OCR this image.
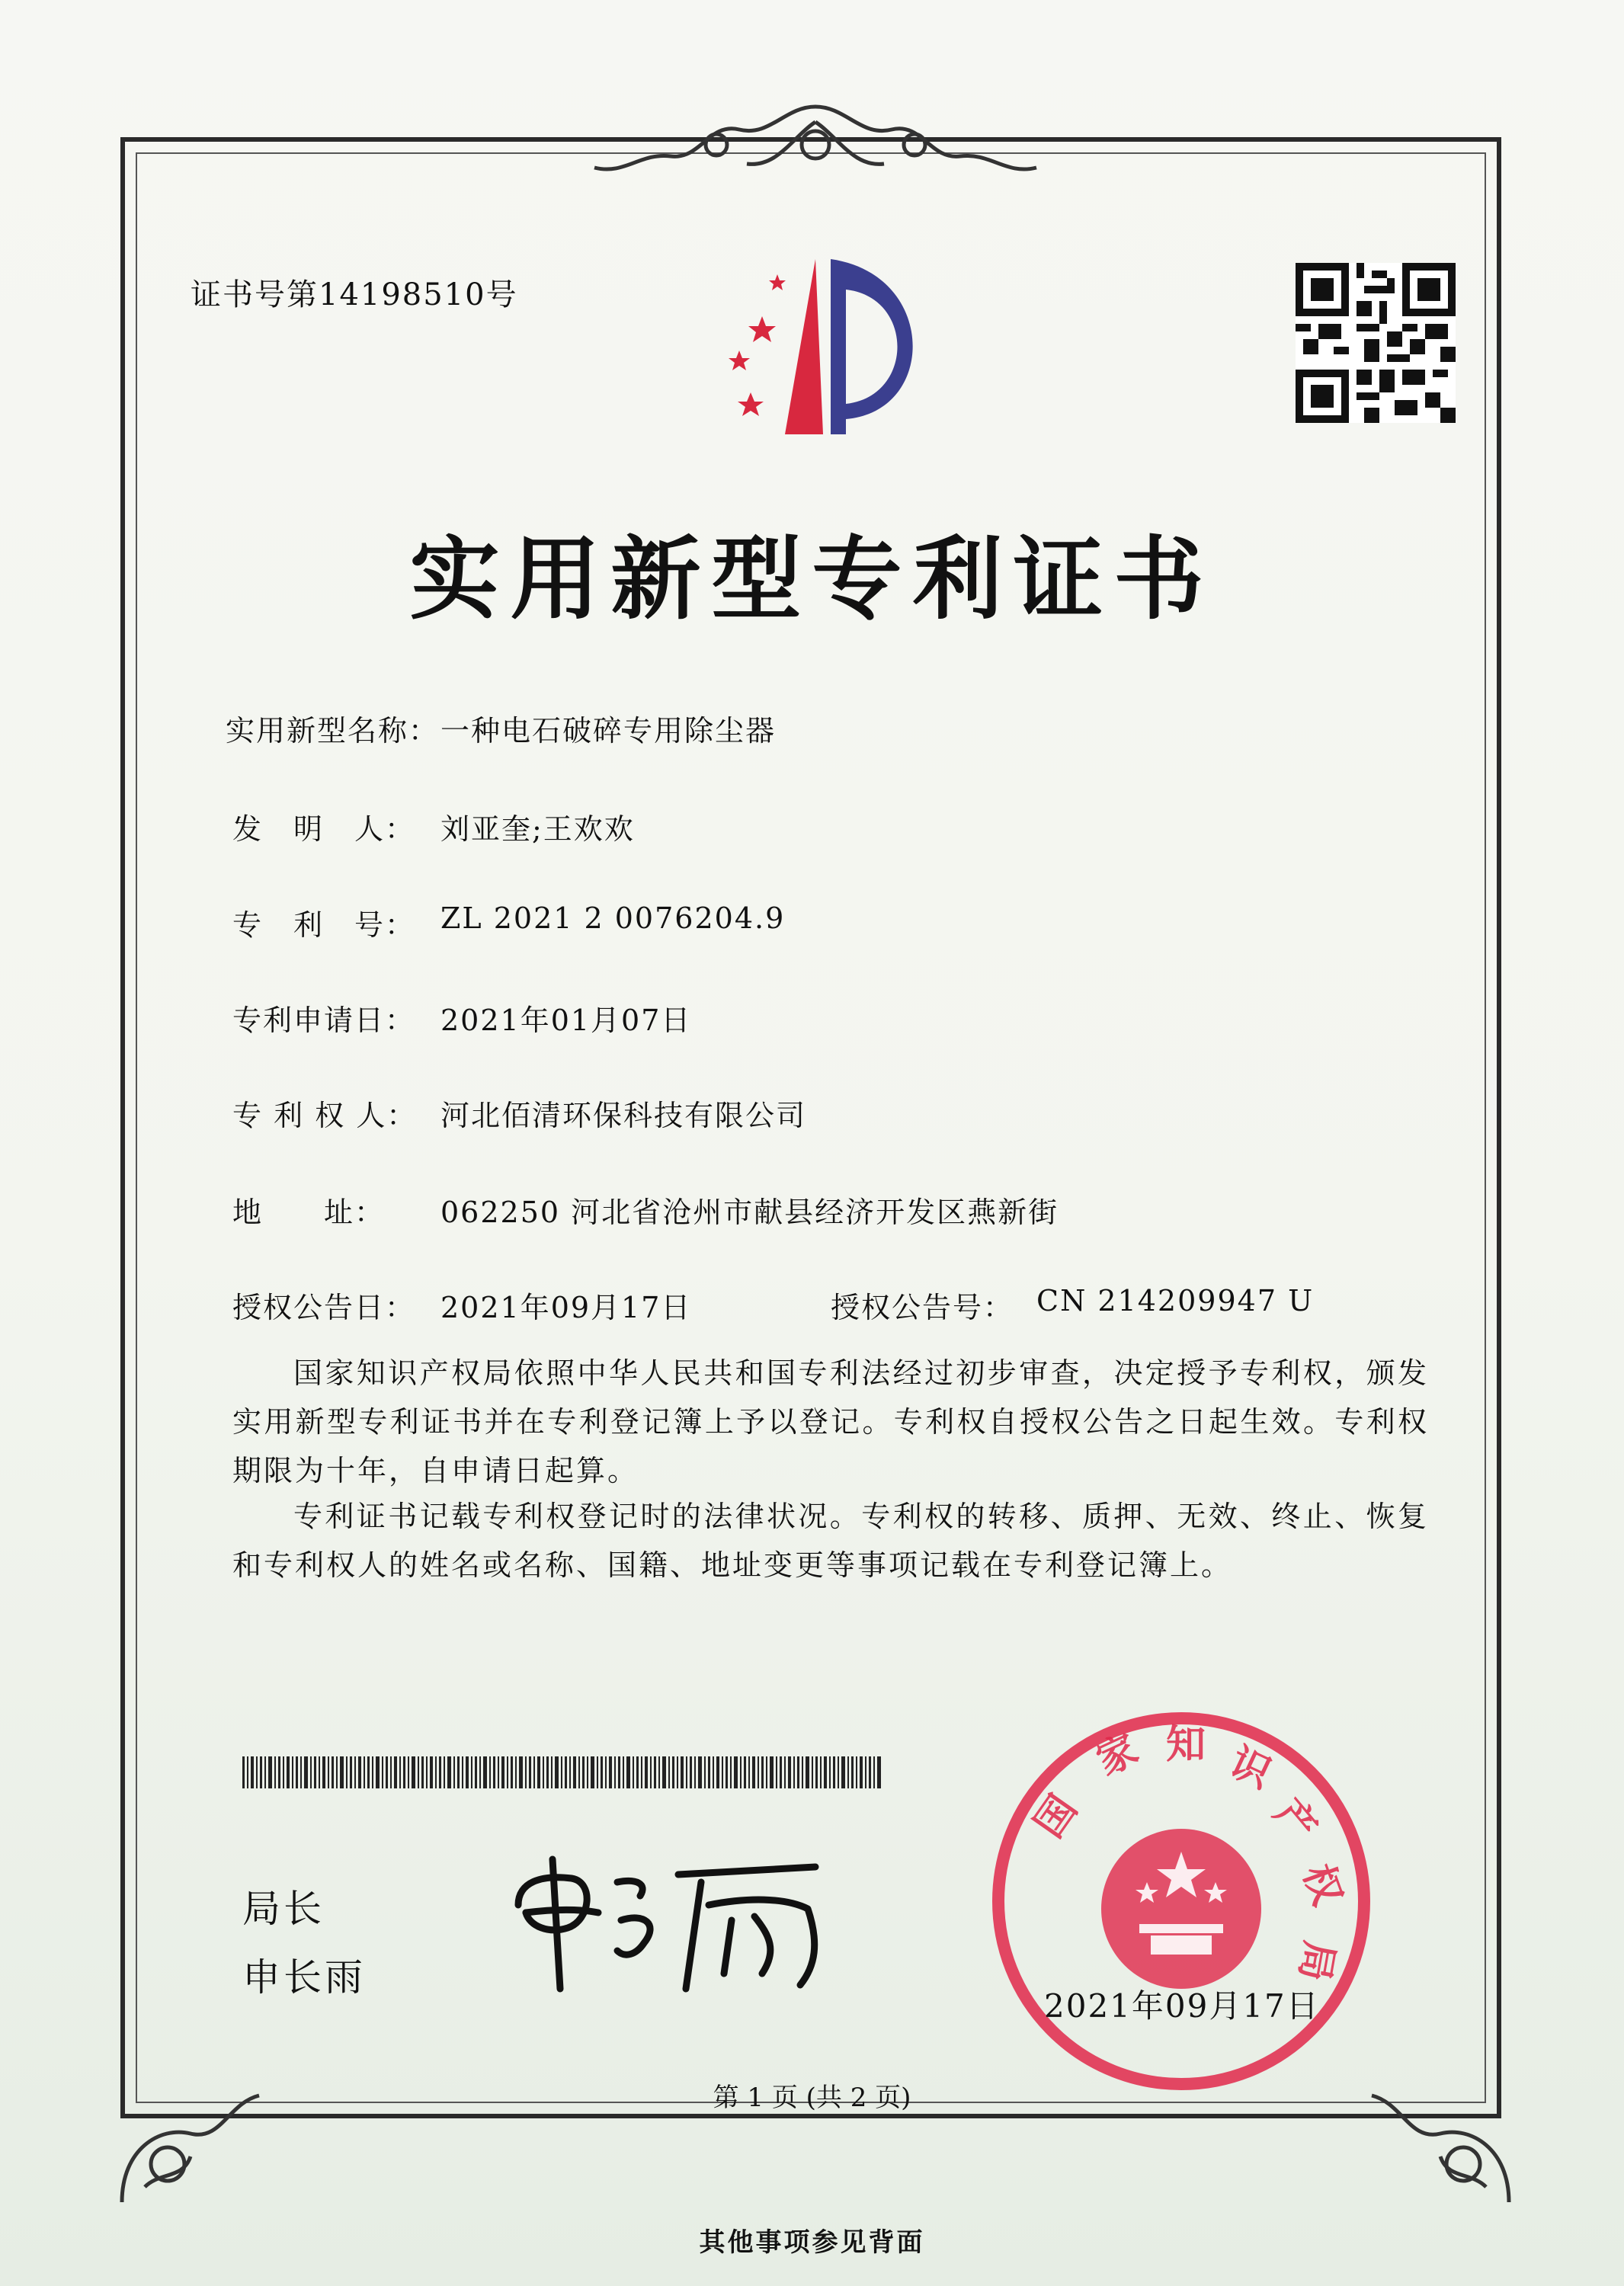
证书号第14198510号
实用新型专利证书
实用新型名称： 一种电石破碎专用除尘器
发　明　人： 刘亚奎;王欢欢
专　利　号： ZL 2021 2 0076204.9
专利申请日： 2021年01月07日
专 利 权 人： 河北佰清环保科技有限公司
地　　址： 062250 河北省沧州市献县经济开发区燕新街
授权公告日： 2021年09月17日	授权公告号： CN 214209947 U
国家知识产权局依照中华人民共和国专利法经过初步审查，决定授予专利权，颁发实用新型专利证书并在专利登记簿上予以登记。专利权自授权公告之日起生效。专利权期限为十年，自申请日起算。
专利证书记载专利权登记时的法律状况。专利权的转移、质押、无效、终止、恢复和专利权人的姓名或名称、国籍、地址变更等事项记载在专利登记簿上。
局长
申长雨
国
家 知 识
产
权
局
2021年09月17日
第 1 页 (共 2 页)
其他事项参见背面
